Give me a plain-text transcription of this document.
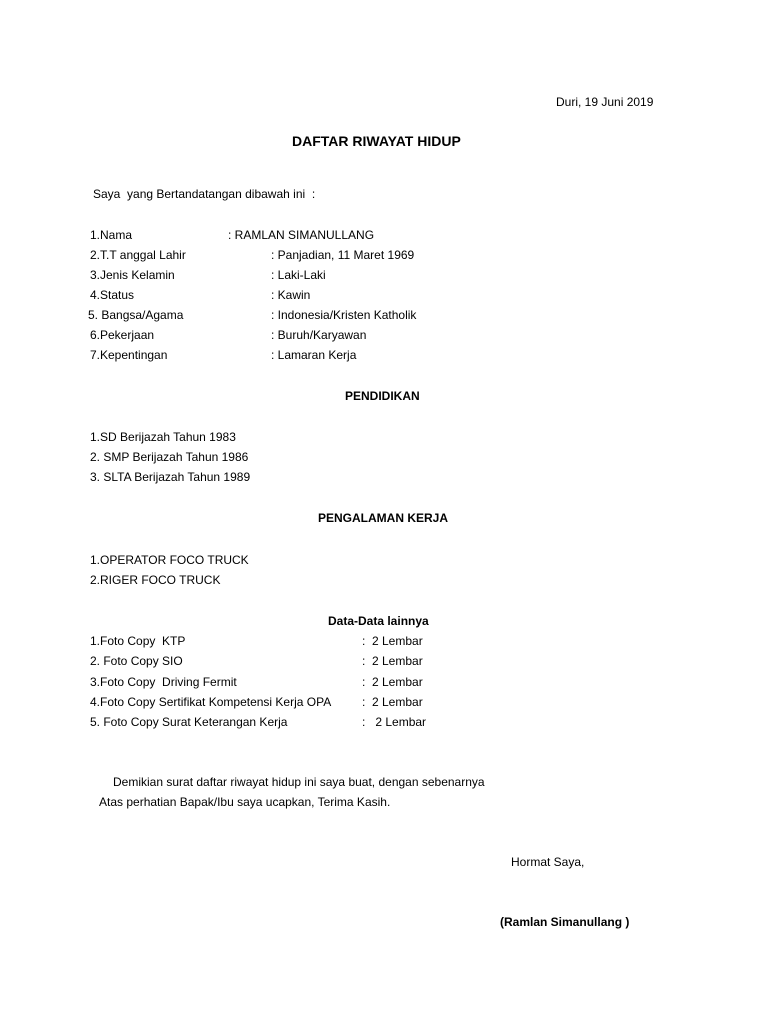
Duri, 19 Juni 2019
DAFTAR RIWAYAT HIDUP
Saya  yang Bertandatangan dibawah ini  :
1.Nama	: RAMLAN SIMANULLANG
2.T.T anggal Lahir	: Panjadian, 11 Maret 1969
3.Jenis Kelamin	: Laki-Laki
4.Status	: Kawin
5. Bangsa/Agama	: Indonesia/Kristen Katholik
6.Pekerjaan	: Buruh/Karyawan
7.Kepentingan	: Lamaran Kerja
PENDIDIKAN
1.SD Berijazah Tahun 1983
2. SMP Berijazah Tahun 1986
3. SLTA Berijazah Tahun 1989
PENGALAMAN KERJA
1.OPERATOR FOCO TRUCK
2.RIGER FOCO TRUCK
Data-Data lainnya
1.Foto Copy  KTP	:  2 Lembar
2. Foto Copy SIO	:  2 Lembar
3.Foto Copy  Driving Fermit	:  2 Lembar
4.Foto Copy Sertifikat Kompetensi Kerja OPA	:  2 Lembar
5. Foto Copy Surat Keterangan Kerja	:   2 Lembar
Demikian surat daftar riwayat hidup ini saya buat, dengan sebenarnya
Atas perhatian Bapak/Ibu saya ucapkan, Terima Kasih.
Hormat Saya,
(Ramlan Simanullang )
